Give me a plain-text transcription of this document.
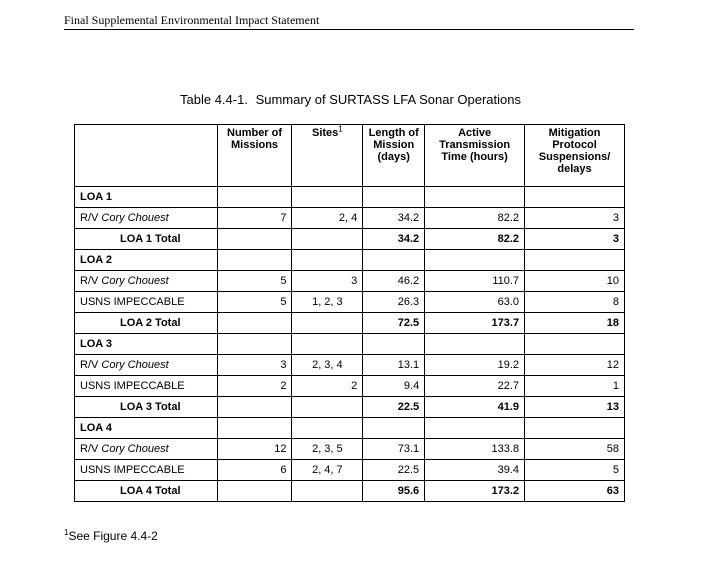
Final Supplemental Environmental Impact Statement
Table 4.4-1. Summary of SURTASS LFA Sonar Operations
	Number of Missions	Sites$^1$	Length of Mission (days)	Active Transmission Time (hours)	Mitigation Protocol Suspensions/ delays
LOA 1					
R/V Cory Chouest	7	2, 4	34.2	82.2	3
LOA 1 Total			34.2	82.2	3
LOA 2					
R/V Cory Chouest	5	3	46.2	110.7	10
USNS IMPECCABLE	5	1, 2, 3	26.3	63.0	8
LOA 2 Total			72.5	173.7	18
LOA 3					
R/V Cory Chouest	3	2, 3, 4	13.1	19.2	12
USNS IMPECCABLE	2	2	9.4	22.7	1
LOA 3 Total			22.5	41.9	13
LOA 4					
R/V Cory Chouest	12	2, 3, 5	73.1	133.8	58
USNS IMPECCABLE	6	2, 4, 7	22.5	39.4	5
LOA 4 Total			95.6	173.2	63
$^1$See Figure 4.4-2
